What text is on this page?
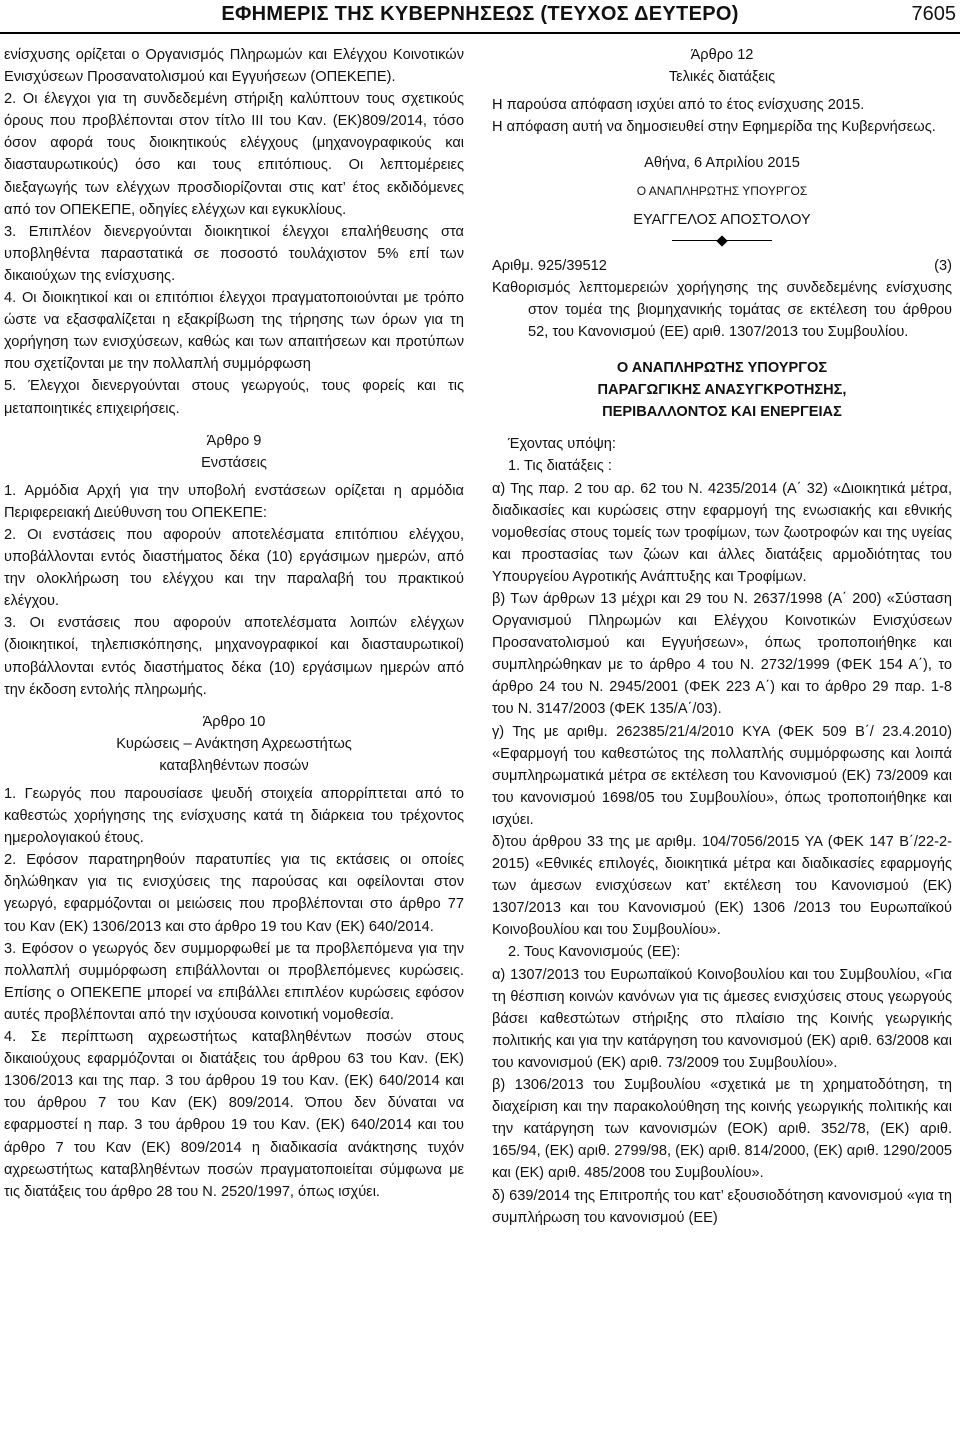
ΕΦΗΜΕΡΙΣ ΤΗΣ ΚΥΒΕΡΝΗΣΕΩΣ (ΤΕΥΧΟΣ ΔΕΥΤΕΡΟ)	7605

ενίσχυσης ορίζεται ο Οργανισμός Πληρωμών και Ελέγχου Κοινοτικών Ενισχύσεων Προσανατολισμού και Εγγυήσεων (ΟΠΕΚΕΠΕ).

2. Οι έλεγχοι για τη συνδεδεμένη στήριξη καλύπτουν τους σχετικούς όρους που προβλέπονται στον τίτλο III του Καν. (ΕΚ)809/2014, τόσο όσον αφορά τους διοικητικούς ελέγχους (μηχανογραφικούς και διασταυρωτικούς) όσο και τους επιτόπιους. Οι λεπτομέρειες διεξαγωγής των ελέγχων προσδιορίζονται στις κατ’ έτος εκδιδόμενες από τον ΟΠΕΚΕΠΕ, οδηγίες ελέγχων και εγκυκλίους.

3. Επιπλέον διενεργούνται διοικητικοί έλεγχοι επαλήθευσης στα υποβληθέντα παραστατικά σε ποσοστό τουλάχιστον 5% επί των δικαιούχων της ενίσχυσης.

4. Οι διοικητικοί και οι επιτόπιοι έλεγχοι πραγματοποιούνται με τρόπο ώστε να εξασφαλίζεται η εξακρίβωση της τήρησης των όρων για τη χορήγηση των ενισχύσεων, καθώς και των απαιτήσεων και προτύπων που σχετίζονται με την πολλαπλή συμμόρφωση

5. Έλεγχοι διενεργούνται στους γεωργούς, τους φορείς και τις μεταποιητικές επιχειρήσεις.

Άρθρο 9

Ενστάσεις

1. Αρμόδια Αρχή για την υποβολή ενστάσεων ορίζεται η αρμόδια Περιφερειακή Διεύθυνση του ΟΠΕΚΕΠΕ:

2. Οι ενστάσεις που αφορούν αποτελέσματα επιτόπιου ελέγχου, υποβάλλονται εντός διαστήματος δέκα (10) εργάσιμων ημερών, από την ολοκλήρωση του ελέγχου και την παραλαβή του πρακτικού ελέγχου.

3. Οι ενστάσεις που αφορούν αποτελέσματα λοιπών ελέγχων (διοικητικοί, τηλεπισκόπησης, μηχανογραφικοί και διασταυρωτικοί) υποβάλλονται εντός διαστήματος δέκα (10) εργάσιμων ημερών από την έκδοση εντολής πληρωμής.

Άρθρο 10

Κυρώσεις – Ανάκτηση Αχρεωστήτως

καταβληθέντων ποσών

1. Γεωργός που παρουσίασε ψευδή στοιχεία απορρίπτεται από το καθεστώς χορήγησης της ενίσχυσης κατά τη διάρκεια του τρέχοντος ημερολογιακού έτους.

2. Εφόσον παρατηρηθούν παρατυπίες για τις εκτάσεις οι οποίες δηλώθηκαν για τις ενισχύσεις της παρούσας και οφείλονται στον γεωργό, εφαρμόζονται οι μειώσεις που προβλέπονται στο άρθρο 77 του Καν (ΕΚ) 1306/2013 και στο άρθρο 19 του Καν (ΕΚ) 640/2014.

3. Εφόσον ο γεωργός δεν συμμορφωθεί με τα προβλεπόμενα για την πολλαπλή συμμόρφωση επιβάλλονται οι προβλεπόμενες κυρώσεις. Επίσης ο ΟΠΕΚΕΠΕ μπορεί να επιβάλλει επιπλέον κυρώσεις εφόσον αυτές προβλέπονται από την ισχύουσα κοινοτική νομοθεσία.

4. Σε περίπτωση αχρεωστήτως καταβληθέντων ποσών στους δικαιούχους εφαρμόζονται οι διατάξεις του άρθρου 63 του Καν. (ΕΚ) 1306/2013 και της παρ. 3 του άρθρου 19 του Καν. (ΕΚ) 640/2014 και του άρθρου 7 του Καν (ΕΚ) 809/2014. Όπου δεν δύναται να εφαρμοστεί η παρ. 3 του άρθρου 19 του Καν. (ΕΚ) 640/2014 και του άρθρο 7 του Καν (ΕΚ) 809/2014 η διαδικασία ανάκτησης τυχόν αχρεωστήτως καταβληθέντων ποσών πραγματοποιείται σύμφωνα με τις διατάξεις του άρθρο 28 του Ν. 2520/1997, όπως ισχύει.

Άρθρο 12

Τελικές διατάξεις

Η παρούσα απόφαση ισχύει από το έτος ενίσχυσης 2015.

Η απόφαση αυτή να δημοσιευθεί στην Εφημερίδα της Κυβερνήσεως.

Αθήνα, 6 Απριλίου 2015

Ο ΑΝΑΠΛΗΡΩΤΗΣ ΥΠΟΥΡΓΟΣ

ΕΥΑΓΓΕΛΟΣ ΑΠΟΣΤΟΛΟΥ

Αριθμ. 925/39512	(3)

Καθορισμός λεπτομερειών χορήγησης της συνδεδεμένης ενίσχυσης στον τομέα της βιομηχανικής τομάτας σε εκτέλεση του άρθρου 52, του Κανονισμού (ΕΕ) αριθ. 1307/2013 του Συμβουλίου.

Ο ΑΝΑΠΛΗΡΩΤΗΣ ΥΠΟΥΡΓΟΣ

ΠΑΡΑΓΩΓΙΚΗΣ ΑΝΑΣΥΓΚΡΟΤΗΣΗΣ,

ΠΕΡΙΒΑΛΛΟΝΤΟΣ ΚΑΙ ΕΝΕΡΓΕΙΑΣ

Έχοντας υπόψη:

1. Τις διατάξεις :

α) Της παρ. 2 του αρ. 62 του Ν. 4235/2014 (Α΄ 32) «Διοικητικά μέτρα, διαδικασίες και κυρώσεις στην εφαρμογή της ενωσιακής και εθνικής νομοθεσίας στους τομείς των τροφίμων, των ζωοτροφών και της υγείας και προστασίας των ζώων και άλλες διατάξεις αρμοδιότητας του Υπουργείου Αγροτικής Ανάπτυξης και Τροφίμων.

β) Των άρθρων 13 μέχρι και 29 του Ν. 2637/1998 (Α΄ 200) «Σύσταση Οργανισμού Πληρωμών και Ελέγχου Κοινοτικών Ενισχύσεων Προσανατολισμού και Εγγυήσεων», όπως τροποποιήθηκε και συμπληρώθηκαν με το άρθρο 4 του Ν. 2732/1999 (ΦΕΚ 154 Α΄), το άρθρο 24 του Ν. 2945/2001 (ΦΕΚ 223 Α΄) και το άρθρο 29 παρ. 1-8 του Ν. 3147/2003 (ΦΕΚ 135/Α΄/03).

γ) Της με αριθμ. 262385/21/4/2010 ΚΥΑ (ΦΕΚ 509 Β΄/ 23.4.2010) «Εφαρμογή του καθεστώτος της πολλαπλής συμμόρφωσης και λοιπά συμπληρωματικά μέτρα σε εκτέλεση του Κανονισμού (ΕΚ) 73/2009 και του κανονισμού 1698/05 του Συμβουλίου», όπως τροποποιήθηκε και ισχύει.

δ)του άρθρου 33 της με αριθμ. 104/7056/2015 ΥΑ (ΦΕΚ 147 Β΄/22-2-2015) «Εθνικές επιλογές, διοικητικά μέτρα και διαδικασίες εφαρμογής των άμεσων ενισχύσεων κατ’ εκτέλεση του Κανονισμού (ΕΚ) 1307/2013 και του Κανονισμού (ΕΚ) 1306 /2013 του Ευρωπαϊκού Κοινοβουλίου και του Συμβουλίου».

2. Τους Κανονισμούς (ΕΕ):

α) 1307/2013 του Ευρωπαϊκού Κοινοβουλίου και του Συμβουλίου, «Για τη θέσπιση κοινών κανόνων για τις άμεσες ενισχύσεις στους γεωργούς βάσει καθεστώτων στήριξης στο πλαίσιο της Κοινής γεωργικής πολιτικής και για την κατάργηση του κανονισμού (ΕΚ) αριθ. 63/2008 και του κανονισμού (ΕΚ) αριθ. 73/2009 του Συμβουλίου».

β) 1306/2013 του Συμβουλίου «σχετικά με τη χρηματοδότηση, τη διαχείριση και την παρακολούθηση της κοινής γεωργικής πολιτικής και την κατάργηση των κανονισμών (ΕΟΚ) αριθ. 352/78, (ΕΚ) αριθ. 165/94, (ΕΚ) αριθ. 2799/98, (ΕΚ) αριθ. 814/2000, (ΕΚ) αριθ. 1290/2005 και (ΕΚ) αριθ. 485/2008 του Συμβουλίου».

δ) 639/2014 της Επιτροπής του κατ’ εξουσιοδότηση κανονισμού «για τη συμπλήρωση του κανονισμού (ΕΕ)
